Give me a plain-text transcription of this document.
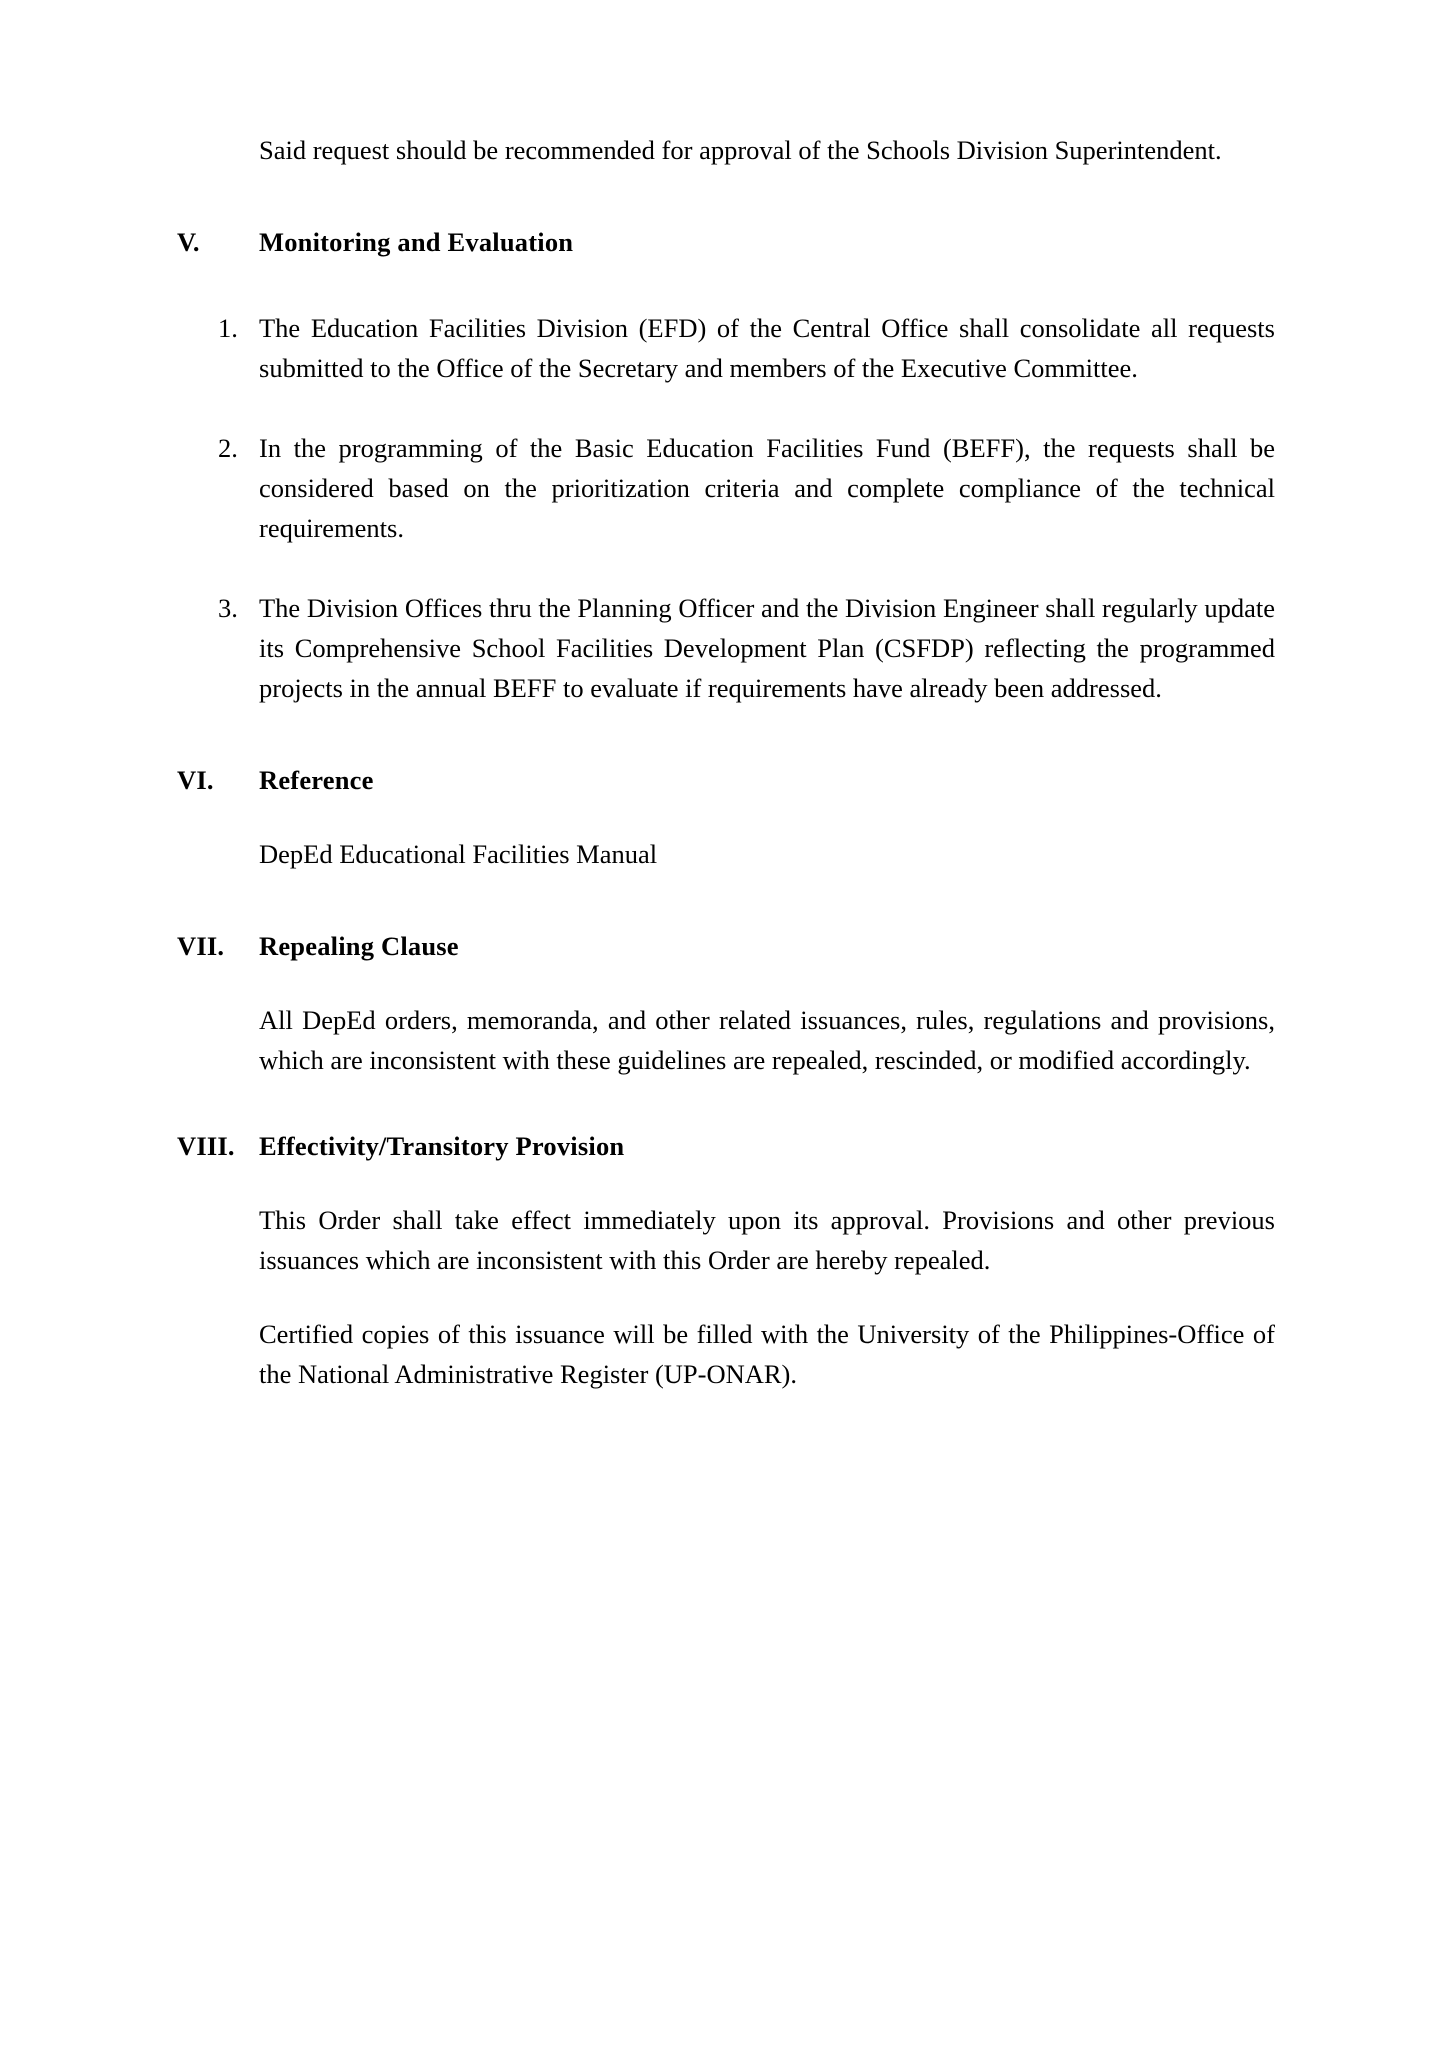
Said request should be recommended for approval of the Schools Division Superintendent.

V.	Monitoring and Evaluation
1. The Education Facilities Division (EFD) of the Central Office shall consolidate all requests submitted to the Office of the Secretary and members of the Executive Committee.
2. In the programming of the Basic Education Facilities Fund (BEFF), the requests shall be considered based on the prioritization criteria and complete compliance of the technical requirements.
3. The Division Offices thru the Planning Officer and the Division Engineer shall regularly update its Comprehensive School Facilities Development Plan (CSFDP) reflecting the programmed projects in the annual BEFF to evaluate if requirements have already been addressed.
VI.	Reference

DepEd Educational Facilities Manual

VII.	Repealing Clause

All DepEd orders, memoranda, and other related issuances, rules, regulations and provisions, which are inconsistent with these guidelines are repealed, rescinded, or modified accordingly.

VIII. Effectivity/Transitory Provision

This Order shall take effect immediately upon its approval. Provisions and other previous issuances which are inconsistent with this Order are hereby repealed.

Certified copies of this issuance will be filled with the University of the Philippines-Office of the National Administrative Register (UP-ONAR).
